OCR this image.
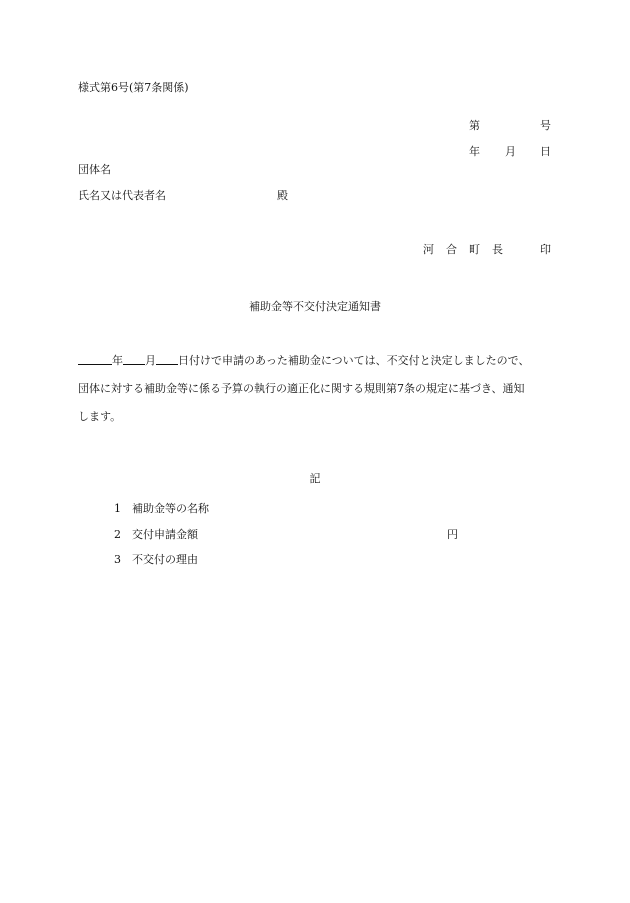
様式第6号(第7条関係)
第	号
年 月 日
団体名
氏名又は代表者名	殿
河 合 町 長	印
補助金等不交付決定通知書
年 月 日付けで申請のあった補助金については、不交付と決定しましたので、
団体に対する補助金等に係る予算の執行の適正化に関する規則第7条の規定に基づき、通知
します。
記
1 補助金等の名称
2 交付申請金額	円
3 不交付の理由
